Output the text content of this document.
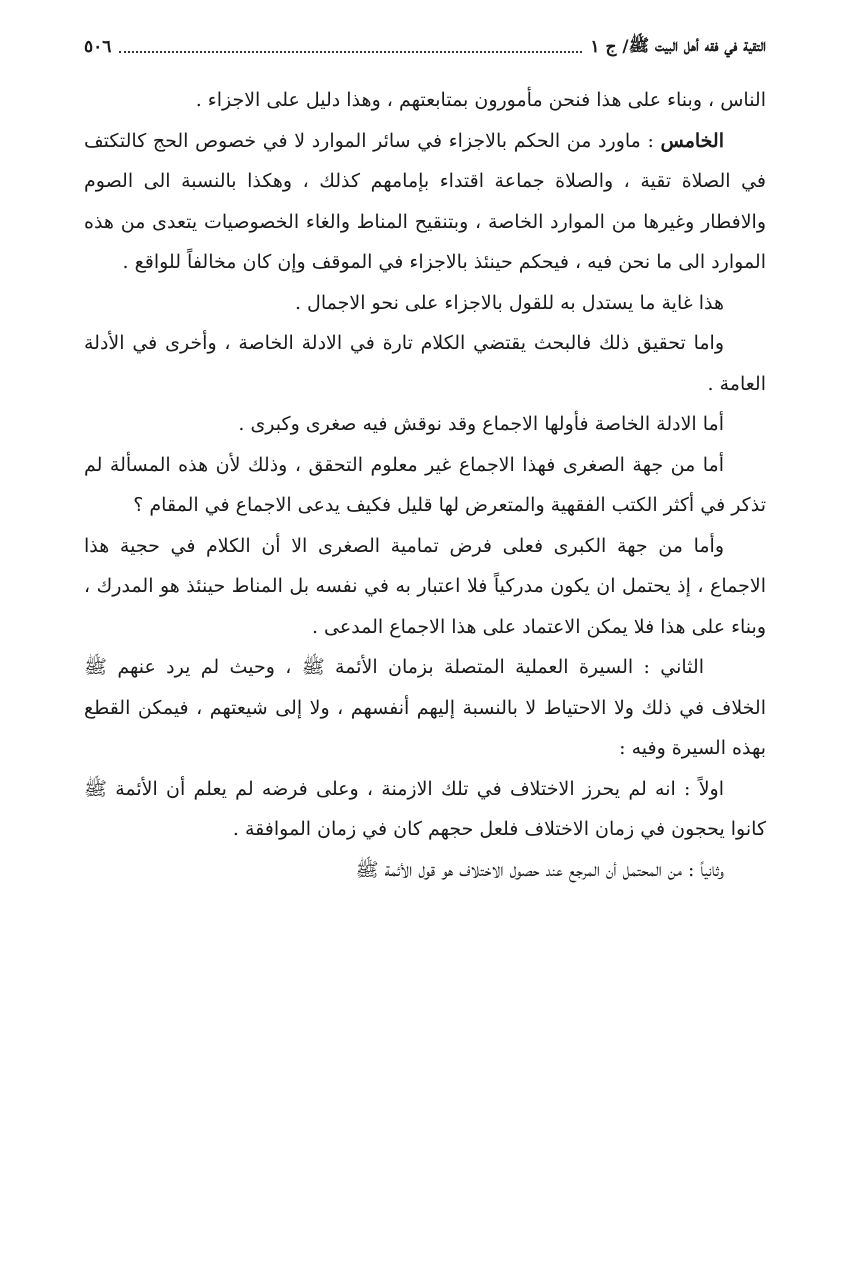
التقية في فقه أهل البيت ﷺ
/ ج ١
٥٠٦

الناس ، وبناء على هذا فنحن مأمورون بمتابعتهم ، وهذا دليل على الاجزاء .

الخامس : ماورد من الحكم بالاجزاء في سائر الموارد لا في خصوص الحج كالتكتف في الصلاة تقية ، والصلاة جماعة اقتداء بإمامهم كذلك ، وهكذا بالنسبة الى الصوم والافطار وغيرها من الموارد الخاصة ، وبتنقيح المناط والغاء الخصوصيات يتعدى من هذه الموارد الى ما نحن فيه ، فيحكم حينئذ بالاجزاء في الموقف وإن كان مخالفاً للواقع .

هذا غاية ما يستدل به للقول بالاجزاء على نحو الاجمال .

واما تحقيق ذلك فالبحث يقتضي الكلام تارة في الادلة الخاصة ، وأخرى في الأدلة العامة .

أما الادلة الخاصة فأولها الاجماع وقد نوقش فيه صغرى وكبرى .

أما من جهة الصغرى فهذا الاجماع غير معلوم التحقق ، وذلك لأن هذه المسألة لم تذكر في أكثر الكتب الفقهية والمتعرض لها قليل فكيف يدعى الاجماع في المقام ؟

وأما من جهة الكبرى فعلى فرض تمامية الصغرى الا أن الكلام في حجية هذا الاجماع ، إذ يحتمل ان يكون مدركياً فلا اعتبار به في نفسه بل المناط حينئذ هو المدرك ، وبناء على هذا فلا يمكن الاعتماد على هذا الاجماع المدعى .

الثاني : السيرة العملية المتصلة بزمان الأئمة ﷺ ، وحيث لم يرد عنهم ﷺ الخلاف في ذلك ولا الاحتياط لا بالنسبة إليهم أنفسهم ، ولا إلى شيعتهم ، فيمكن القطع بهذه السيرة وفيه :

اولاً : انه لم يحرز الاختلاف في تلك الازمنة ، وعلى فرضه لم يعلم أن الأئمة ﷺ كانوا يحجون في زمان الاختلاف فلعل حجهم كان في زمان الموافقة .

وثانياً : من المحتمل أن المرجع عند حصول الاختلاف هو قول الأئمة ﷺ
